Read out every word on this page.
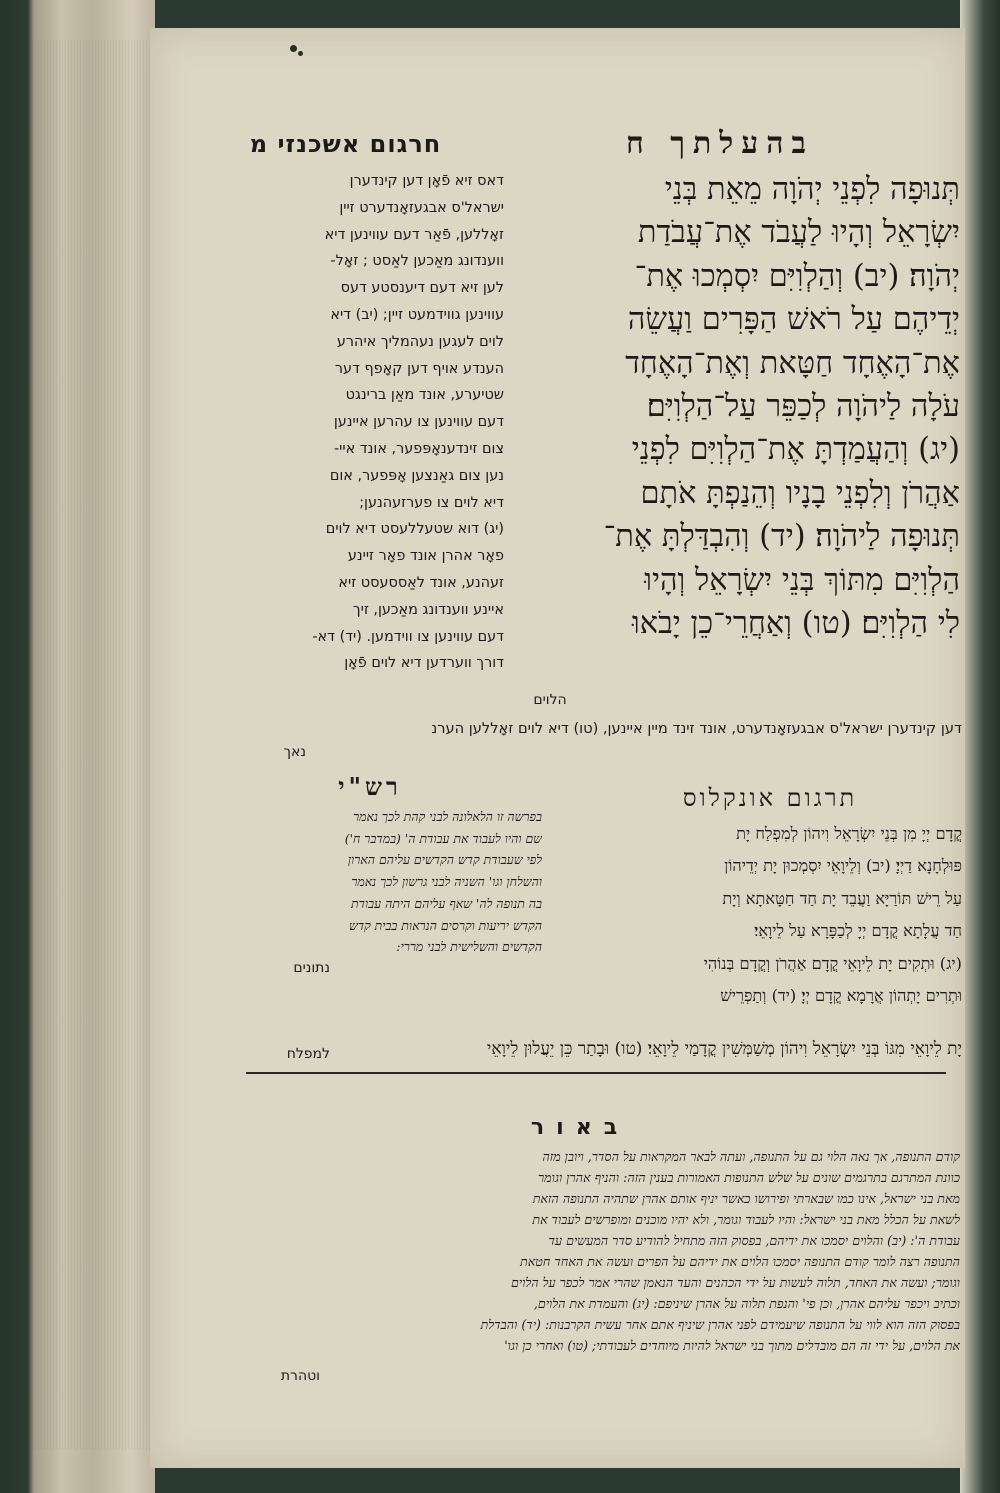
חרגום אשכנזי מ	בהעלתך ח
דאס זיא פֿאָן דען קינדערן
ישראל'ס אבגעזאָנדערט זיין
זאָללען, פֿאַר דעם עווינען דיא
ווענדונג מאַכען לאַסט ; זאָל-
לען זיא דעם דיענסטע דעס
עווינען גווידמעט זיין; (יב) דיא
לוים לעגען נעהמליך איהרע
הענדע אויף דען קאָפף דער
שטיערע, אונד מאַן ברינגט
דעם עווינען צו עהרען איינען
צום זינדענאָפּפער, אונד איי-
נען צום גאַנצען אָפּפער, אום
דיא לוים צו פערזעהנען;
(יג) דוא שטעללעסט דיא לוים
פאָר אהרן אונד פאָר זיינע
זעהנע, אונד לאַססעסט זיא
איינע ווענדונג מאַכען, זיך
דעם עווינען צו ווידמען. (יד) דא-
דורך ווערדען דיא לוים פֿאָן
תְּנוּפָה לִפְנֵי יְהֹוָה מֵאֵת בְּנֵי
יִשְׂרָאֵל וְהָיוּ לַעֲבֹד אֶת־עֲבֹדַת
יְהֹוָה׃ (יב) וְהַלְוִיִּם יִסְמְכוּ אֶת־
יְדֵיהֶם עַל רֹאשׁ הַפָּרִים וַעֲשֵׂה
אֶת־הָאֶחָד חַטָּאת וְאֶת־הָאֶחָד
עֹלָה לַיהֹוָה לְכַפֵּר עַל־הַלְוִיִּם׃
(יג) וְהַעֲמַדְתָּ אֶת־הַלְוִיִּם לִפְנֵי
אַהֲרֹן וְלִפְנֵי בָנָיו וְהֵנַפְתָּ אֹתָם
תְּנוּפָה לַיהֹוָה׃ (יד) וְהִבְדַּלְתָּ אֶת־
הַלְוִיִּם מִתּוֹךְ בְּנֵי יִשְׂרָאֵל וְהָיוּ
לִי הַלְוִיִּם׃ (טו) וְאַחֲרֵי־כֵן יָבֹאוּ
הלוים
דען קינדערן ישראל'ס אבגעזאָנדערט, אונד זינד מיין איינען, (טו) דיא לוים זאָללען הערנ
נאך
תרגום אונקלוס
קֳדָם יְיָ מִן בְּנֵי יִשְׂרָאֵל וִיהוֹן לְמִפְלַח יָת
פּוּלְחָנָא דַיְיָ׃ (יב) וְלֵיוָאֵי יִסְמְכוּן יָת יְדֵיהוֹן
עַל רֵישׁ תּוֹרַיָּא וַעֲבֵד יָת חַד חַטָּאתָא וְיָת
חַד עֲלָתָא קֳדָם יְיָ לְכַפָּרָא עַל לֵיוָאֵי׃
(יג) וּתְקִים יָת לֵיוָאֵי קֳדָם אַהֲרֹן וְקֳדָם בְּנוֹהִי
וּתְרִים יָתְהוֹן אֲרָמָא קֳדָם יְיָ׃ (יד) וְתַפְרֵישׁ
רש"י
בפרשה זו הלאלונה לבני קהת לכך נאמר
שם והיו לעבוד את עבודת ה' (במדבר ח')
לפי שעבודת קדש הקדשים עליהם הארון
והשלחן וגו' השניה לבני גרשון לכך נאמר
בה תנופה לה' שאף עליהם היתה עבודת
הקדש יריעות וקרסים הנראות בבית קדש
הקדשים והשלישית לבני מררי:
נתונים
יָת לֵיוָאֵי מִגּוֹ בְּנֵי יִשְׂרָאֵל וִיהוֹן מְשַׁמְּשִׁין קֳדָמַי לֵיוָאֵי׃ (טו) וּבָתַר כֵּן יֵעֲלוּן לֵיוָאֵי
למפלח
באור
קודם התנופה, אך נאה הלוי גם על התנופה, ועתה לבאר המקראות על הסדר, ויובן מזה
כוונת המתרגם בתרגמים שונים על שלש התנופות האמורות בענין הזה: והניף אהרן וגומר
מאת בני ישראל, אינו כמו שבארתי ופירושו כאשר יניף אותם אהרן שתהיה התנופה הזאת
לשאת על הכלל מאת בני ישראל: והיו לעבוד וגומר, ולא יהיו מוכנים ומופרשים לעבוד את
עבודת ה': (יב) והלוים יסמכו את ידיהם, בפסוק הזה מתחיל להודיע סדר המעשים עד
התנופה רצה לומר קודם התנופה יסמכו הלוים את ידיהם על הפרים ועשה את האחד חטאת
וגומר; ועשה את האחד, תלוה לעשות על ידי הכהנים והעד הנאמן שהרי אמר לכפר על הלוים
וכתיב ויכפר עליהם אהרן, וכן פי' והנפת תלוה על אהרן שיניפם: (יג) והעמדת את הלוים,
בפסוק הזה הוא לווי על התנופה שיעמידם לפני אהרן שיניף אתם אחר עשית הקרבנות: (יד) והבדלת
את הלוים, על ידי זה הם מובדלים מתוך בני ישראל להיות מיוחדים לעבודתי; (טו) ואחרי כן וגו'
וטהרת
